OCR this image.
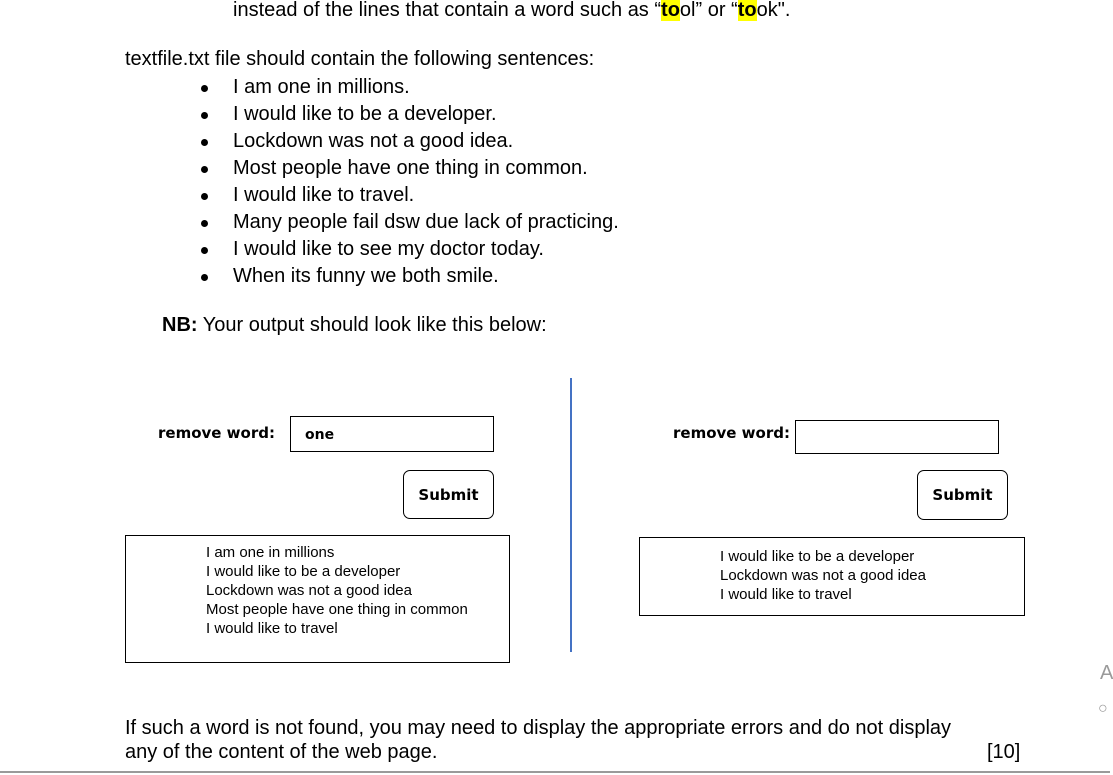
instead of the lines that contain a word such as “tool” or “took".
textfile.txt file should contain the following sentences:
I am one in millions.
I would like to be a developer.
Lockdown was not a good idea.
Most people have one thing in common.
I would like to travel.
Many people fail dsw due lack of practicing.
I would like to see my doctor today.
When its funny we both smile.
NB: Your output should look like this below:
remove word:	one
Submit
I am one in millions
I would like to be a developer
Lockdown was not a good idea
Most people have one thing in common
I would like to travel
remove word:
Submit
I would like to be a developer
Lockdown was not a good idea
I would like to travel
If such a word is not found, you may need to display the appropriate errors and do not display
any of the content of the web page.	[10]
A
○
